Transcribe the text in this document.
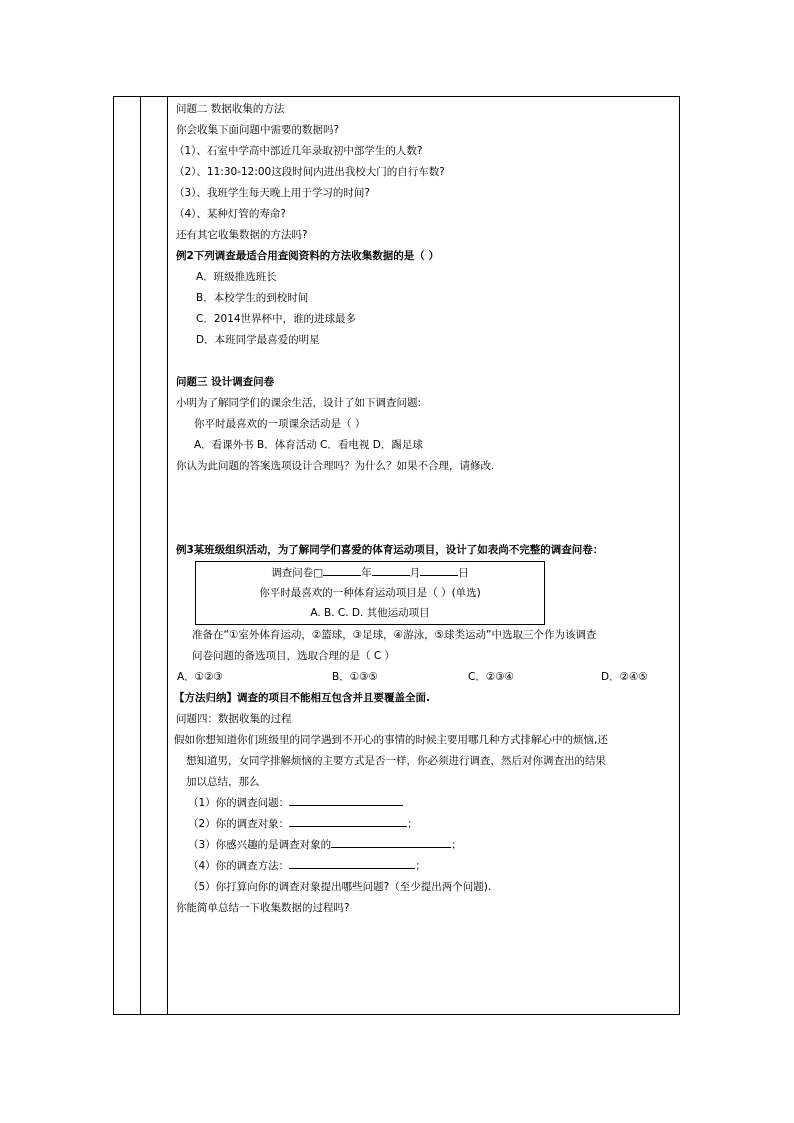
问题二 数据收集的方法
你会收集下面问题中需要的数据吗?
（1）、石室中学高中部近几年录取初中部学生的人数?
（2）、11:30-12:00这段时间内进出我校大门的自行车数?
（3）、我班学生每天晚上用于学习的时间?
（4）、某种灯管的寿命?
还有其它收集数据的方法吗?
例2下列调查最适合用查阅资料的方法收集数据的是（ ）
A．班级推选班长
B．本校学生的到校时间
C．2014世界杯中，谁的进球最多
D．本班同学最喜爱的明星
问题三 设计调查问卷
小明为了解同学们的课余生活，设计了如下调查问题:
你平时最喜欢的一项课余活动是（ ）
A．看课外书 B．体育活动 C．看电视 D．踢足球
你认为此问题的答案选项设计合理吗？为什么？如果不合理，请修改.
例3某班级组织活动，为了解同学们喜爱的体育运动项目，设计了如表尚不完整的调查问卷：
调查问卷□	年	月	日
你平时最喜欢的一种体育运动项目是（ ）(单选)
A. B. C. D. 其他运动项目
准备在“①室外体育运动，②篮球，③足球，④游泳，⑤球类运动”中选取三个作为该调查
问卷问题的备选项目，选取合理的是（ C ）
A．①②③	B．①③⑤	C．②③④	D．②④⑤
【方法归纳】调查的项目不能相互包含并且要覆盖全面.
问题四：数据收集的过程
假如你想知道你们班级里的同学遇到不开心的事情的时候主要用哪几种方式排解心中的烦恼,还
想知道男，女同学排解烦恼的主要方式是否一样，你必须进行调查，然后对你调查出的结果
加以总结，那么
（1）你的调查问题：
（2）你的调查对象：	；
（3）你感兴趣的是调查对象的	；
（4）你的调查方法：	；
（5）你打算向你的调查对象提出哪些问题?（至少提出两个问题).
你能简单总结一下收集数据的过程吗?
